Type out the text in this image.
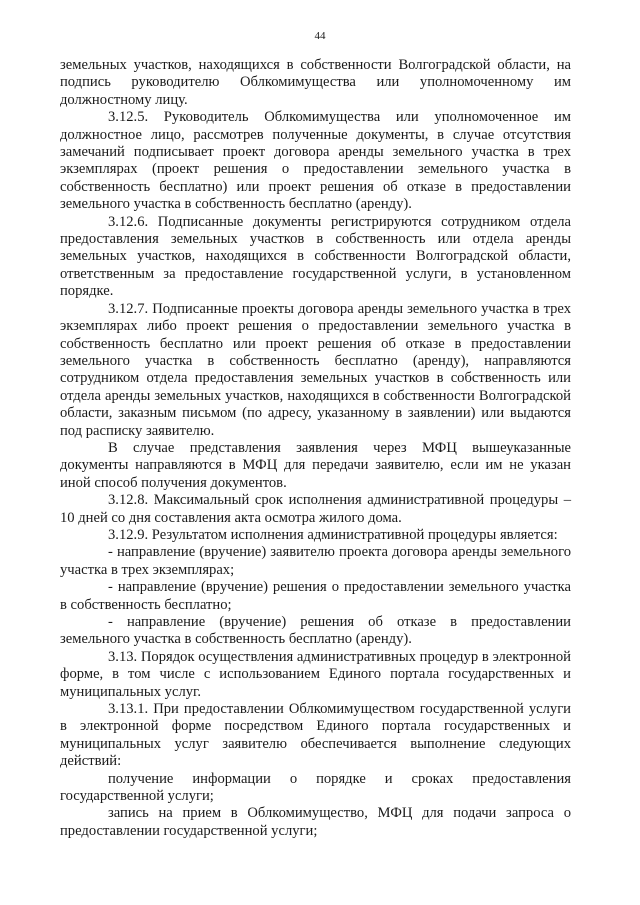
44

земельных участков, находящихся в собственности Волгоградской области, на подпись руководителю Облкомимущества или уполномоченному им должностному лицу.

3.12.5. Руководитель Облкомимущества или уполномоченное им должностное лицо, рассмотрев полученные документы, в случае отсутствия замечаний подписывает проект договора аренды земельного участка в трех экземплярах (проект решения о предоставлении земельного участка в собственность бесплатно) или проект решения об отказе в предоставлении земельного участка в собственность бесплатно (аренду).

3.12.6. Подписанные документы регистрируются сотрудником отдела предоставления земельных участков в собственность или отдела аренды земельных участков, находящихся в собственности Волгоградской области, ответственным за предоставление государственной услуги, в установленном порядке.

3.12.7. Подписанные проекты договора аренды земельного участка в трех экземплярах либо проект решения о предоставлении земельного участка в собственность бесплатно или проект решения об отказе в предоставлении земельного участка в собственность бесплатно (аренду), направляются сотрудником отдела предоставления земельных участков в собственность или отдела аренды земельных участков, находящихся в собственности Волгоградской области, заказным письмом (по адресу, указанному в заявлении) или выдаются под расписку заявителю.

В случае представления заявления через МФЦ вышеуказанные документы направляются в МФЦ для передачи заявителю, если им не указан иной способ получения документов.

3.12.8. Максимальный срок исполнения административной процедуры – 10 дней со дня составления акта осмотра жилого дома.

3.12.9. Результатом исполнения административной процедуры является:

- направление (вручение) заявителю проекта договора аренды земельного участка в трех экземплярах;

- направление (вручение) решения о предоставлении земельного участка в собственность бесплатно;

- направление (вручение) решения об отказе в предоставлении земельного участка в собственность бесплатно (аренду).

3.13. Порядок осуществления административных процедур в электронной форме, в том числе с использованием Единого портала государственных и муниципальных услуг.

3.13.1. При предоставлении Облкомимуществом государственной услуги в электронной форме посредством Единого портала государственных и муниципальных услуг заявителю обеспечивается выполнение следующих действий:

получение информации о порядке и сроках предоставления государственной услуги;

запись на прием в Облкомимущество, МФЦ для подачи запроса о предоставлении государственной услуги;
